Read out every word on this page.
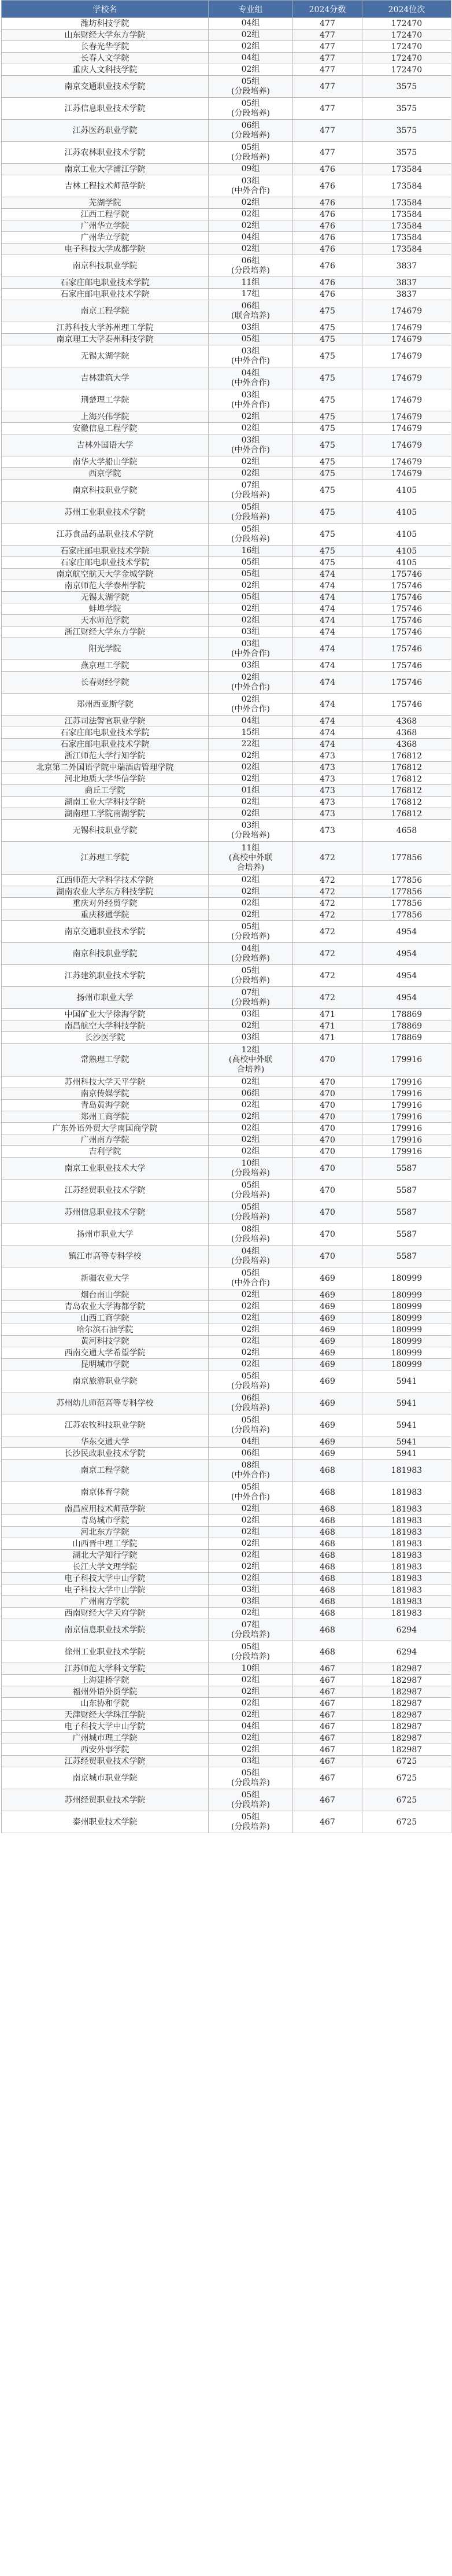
学校名	专业组	2024分数	2024位次
潍坊科技学院	04组	477	172470
山东财经大学东方学院	02组	477	172470
长春光华学院	02组	477	172470
长春人文学院	04组	477	172470
重庆人文科技学院	02组	477	172470
南京交通职业技术学院	05组
(分段培养)	477	3575
江苏信息职业技术学院	05组
(分段培养)	477	3575
江苏医药职业学院	06组
(分段培养)	477	3575
江苏农林职业技术学院	05组
(分段培养)	477	3575
南京工业大学浦江学院	09组	476	173584
吉林工程技术师范学院	03组
(中外合作)	476	173584
芜湖学院	02组	476	173584
江西工程学院	02组	476	173584
广州华立学院	02组	476	173584
广州华立学院	04组	476	173584
电子科技大学成都学院	02组	476	173584
南京科技职业学院	06组
(分段培养)	476	3837
石家庄邮电职业技术学院	11组	476	3837
石家庄邮电职业技术学院	17组	476	3837
南京工程学院	06组
(联合培养)	475	174679
江苏科技大学苏州理工学院	03组	475	174679
南京理工大学泰州科技学院	05组	475	174679
无锡太湖学院	03组
(中外合作)	475	174679
吉林建筑大学	04组
(中外合作)	475	174679
荆楚理工学院	03组
(中外合作)	475	174679
上海兴伟学院	02组	475	174679
安徽信息工程学院	02组	475	174679
吉林外国语大学	03组
(中外合作)	475	174679
南华大学船山学院	02组	475	174679
西京学院	02组	475	174679
南京科技职业学院	07组
(分段培养)	475	4105
苏州工业职业技术学院	05组
(分段培养)	475	4105
江苏食品药品职业技术学院	05组
(分段培养)	475	4105
石家庄邮电职业技术学院	16组	475	4105
石家庄邮电职业技术学院	05组	475	4105
南京航空航天大学金城学院	05组	474	175746
南京师范大学泰州学院	02组	474	175746
无锡太湖学院	05组	474	175746
蚌埠学院	02组	474	175746
天水师范学院	02组	474	175746
浙江财经大学东方学院	03组	474	175746
阳光学院	03组
(中外合作)	474	175746
燕京理工学院	03组	474	175746
长春财经学院	02组
(中外合作)	474	175746
郑州西亚斯学院	02组
(中外合作)	474	175746
江苏司法警官职业学院	04组	474	4368
石家庄邮电职业技术学院	15组	474	4368
石家庄邮电职业技术学院	22组	474	4368
浙江师范大学行知学院	02组	473	176812
北京第二外国语学院中瑞酒店管理学院	02组	473	176812
河北地质大学华信学院	02组	473	176812
商丘工学院	01组	473	176812
湖南工业大学科技学院	02组	473	176812
湖南理工学院南湖学院	02组	473	176812
无锡科技职业学院	03组
(分段培养)	473	4658
江苏理工学院	11组
(高校中外联
合培养)	472	177856
江西师范大学科学技术学院	02组	472	177856
湖南农业大学东方科技学院	02组	472	177856
重庆对外经贸学院	02组	472	177856
重庆移通学院	02组	472	177856
南京交通职业技术学院	05组
(分段培养)	472	4954
南京科技职业学院	04组
(分段培养)	472	4954
江苏建筑职业技术学院	05组
(分段培养)	472	4954
扬州市职业大学	07组
(分段培养)	472	4954
中国矿业大学徐海学院	03组	471	178869
南昌航空大学科技学院	02组	471	178869
长沙医学院	03组	471	178869
常熟理工学院	12组
(高校中外联
合培养)	470	179916
苏州科技大学天平学院	02组	470	179916
南京传媒学院	06组	470	179916
青岛黄海学院	02组	470	179916
郑州工商学院	02组	470	179916
广东外语外贸大学南国商学院	02组	470	179916
广州南方学院	02组	470	179916
吉利学院	02组	470	179916
南京工业职业技术大学	10组
(分段培养)	470	5587
江苏经贸职业技术学院	05组
(分段培养)	470	5587
苏州信息职业技术学院	05组
(分段培养)	470	5587
扬州市职业大学	08组
(分段培养)	470	5587
镇江市高等专科学校	04组
(分段培养)	470	5587
新疆农业大学	05组
(中外合作)	469	180999
烟台南山学院	02组	469	180999
青岛农业大学海都学院	02组	469	180999
山西工商学院	02组	469	180999
哈尔滨石油学院	02组	469	180999
黄河科技学院	02组	469	180999
西南交通大学希望学院	02组	469	180999
昆明城市学院	02组	469	180999
南京旅游职业学院	05组
(分段培养)	469	5941
苏州幼儿师范高等专科学校	06组
(分段培养)	469	5941
江苏农牧科技职业学院	05组
(分段培养)	469	5941
华东交通大学	04组	469	5941
长沙民政职业技术学院	06组	469	5941
南京工程学院	08组
(中外合作)	468	181983
南京体育学院	05组
(中外合作)	468	181983
南昌应用技术师范学院	02组	468	181983
青岛城市学院	02组	468	181983
河北东方学院	02组	468	181983
山西晋中理工学院	02组	468	181983
湖北大学知行学院	02组	468	181983
长江大学文理学院	02组	468	181983
电子科技大学中山学院	02组	468	181983
电子科技大学中山学院	03组	468	181983
广州南方学院	03组	468	181983
西南财经大学天府学院	02组	468	181983
南京信息职业技术学院	07组
(分段培养)	468	6294
徐州工业职业技术学院	05组
(分段培养)	468	6294
江苏师范大学科文学院	10组	467	182987
上海建桥学院	02组	467	182987
福州外语外贸学院	02组	467	182987
山东协和学院	02组	467	182987
天津财经大学珠江学院	02组	467	182987
电子科技大学中山学院	04组	467	182987
广州城市理工学院	02组	467	182987
西安外事学院	02组	467	182987
江苏经贸职业技术学院	03组	467	6725
南京城市职业学院	05组
(分段培养)	467	6725
苏州经贸职业技术学院	05组
(分段培养)	467	6725
泰州职业技术学院	05组
(分段培养)	467	6725
